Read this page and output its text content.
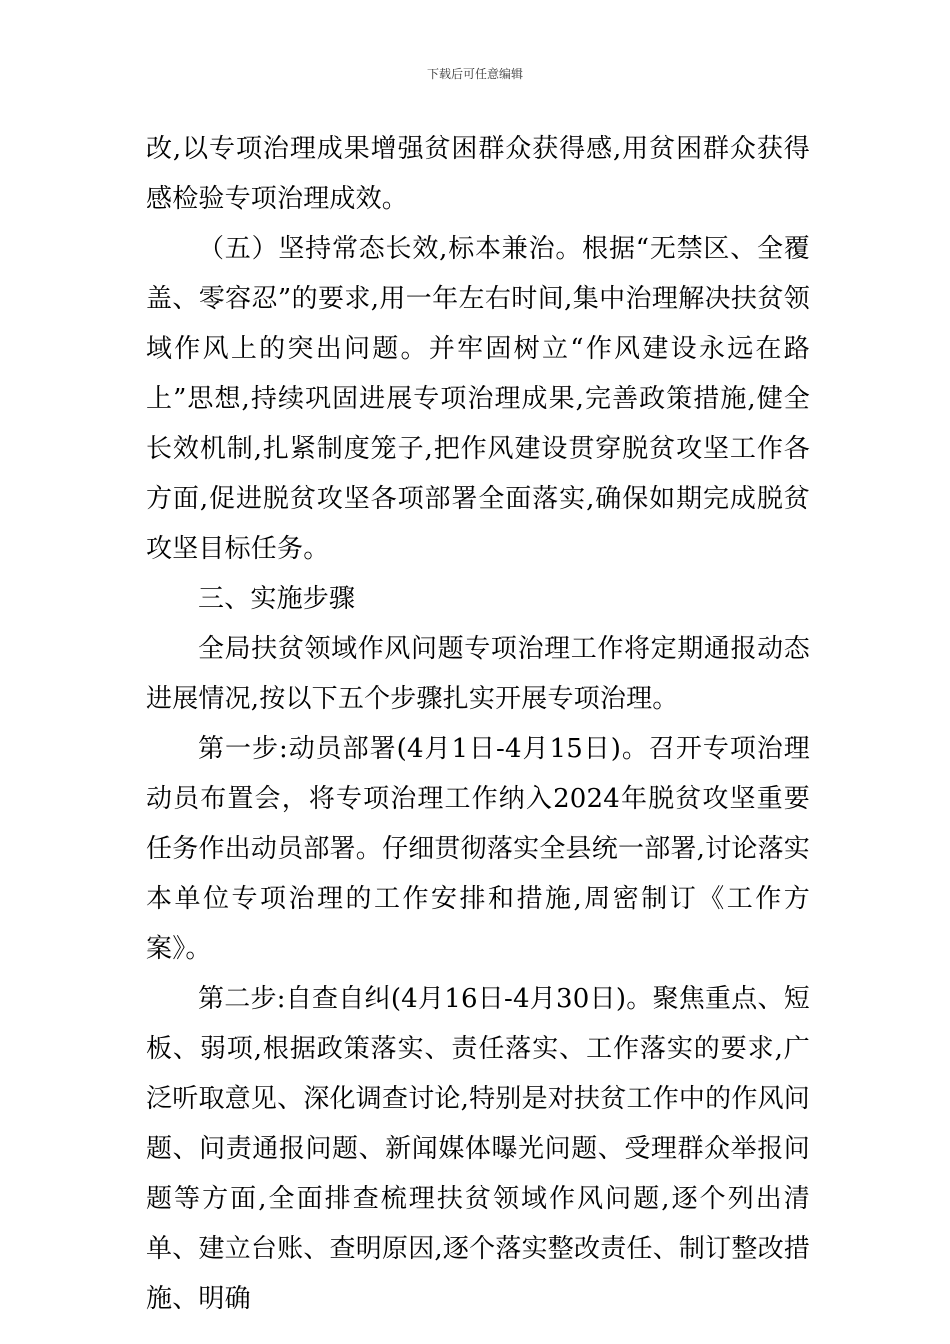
下载后可任意编辑

改,以专项治理成果增强贫困群众获得感,用贫困群众获得感检验专项治理成效。

（五）坚持常态长效,标本兼治。根据“无禁区、全覆盖、零容忍”的要求,用一年左右时间,集中治理解决扶贫领域作风上的突出问题。并牢固树立“作风建设永远在路上”思想,持续巩固进展专项治理成果,完善政策措施,健全长效机制,扎紧制度笼子,把作风建设贯穿脱贫攻坚工作各方面,促进脱贫攻坚各项部署全面落实,确保如期完成脱贫攻坚目标任务。

三、实施步骤

全局扶贫领域作风问题专项治理工作将定期通报动态进展情况,按以下五个步骤扎实开展专项治理。

第一步:动员部署(4月1日-4月15日)。召开专项治理动员布置会，将专项治理工作纳入2024年脱贫攻坚重要任务作出动员部署。仔细贯彻落实全县统一部署,讨论落实本单位专项治理的工作安排和措施,周密制订《工作方案》。

第二步:自查自纠(4月16日-4月30日)。聚焦重点、短板、弱项,根据政策落实、责任落实、工作落实的要求,广泛听取意见、深化调查讨论,特别是对扶贫工作中的作风问题、问责通报问题、新闻媒体曝光问题、受理群众举报问题等方面,全面排查梳理扶贫领域作风问题,逐个列出清单、建立台账、查明原因,逐个落实整改责任、制订整改措施、明确
